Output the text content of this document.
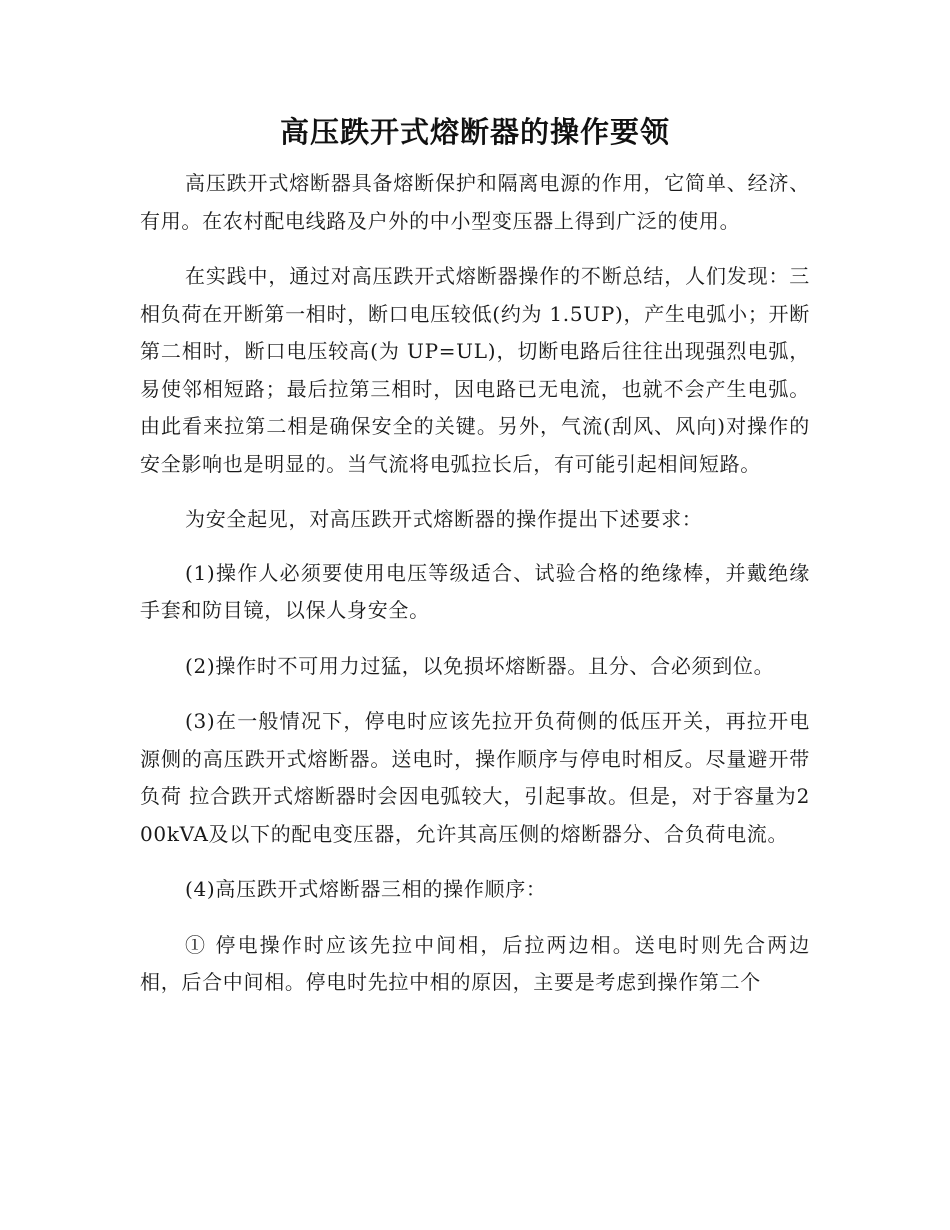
高压跌开式熔断器的操作要领

高压跌开式熔断器具备熔断保护和隔离电源的作用，它简单、经济、有用。在农村配电线路及户外的中小型变压器上得到广泛的使用。

在实践中，通过对高压跌开式熔断器操作的不断总结，人们发现：三相负荷在开断第一相时，断口电压较低(约为 1.5UP)，产生电弧小；开断第二相时，断口电压较高(为 UP=UL)，切断电路后往往出现强烈电弧，易使邻相短路；最后拉第三相时，因电路已无电流，也就不会产生电弧。由此看来拉第二相是确保安全的关键。另外，气流(刮风、风向)对操作的安全影响也是明显的。当气流将电弧拉长后，有可能引起相间短路。

为安全起见，对高压跌开式熔断器的操作提出下述要求：

(1)操作人必须要使用电压等级适合、试验合格的绝缘棒，并戴绝缘手套和防目镜，以保人身安全。

(2)操作时不可用力过猛，以免损坏熔断器。且分、合必须到位。

(3)在一般情况下，停电时应该先拉开负荷侧的低压开关，再拉开电源侧的高压跌开式熔断器。送电时，操作顺序与停电时相反。尽量避开带负荷 拉合跌开式熔断器时会因电弧较大，引起事故。但是，对于容量为200kVA及以下的配电变压器，允许其高压侧的熔断器分、合负荷电流。

(4)高压跌开式熔断器三相的操作顺序：

① 停电操作时应该先拉中间相，后拉两边相。送电时则先合两边相，后合中间相。停电时先拉中相的原因，主要是考虑到操作第二个
